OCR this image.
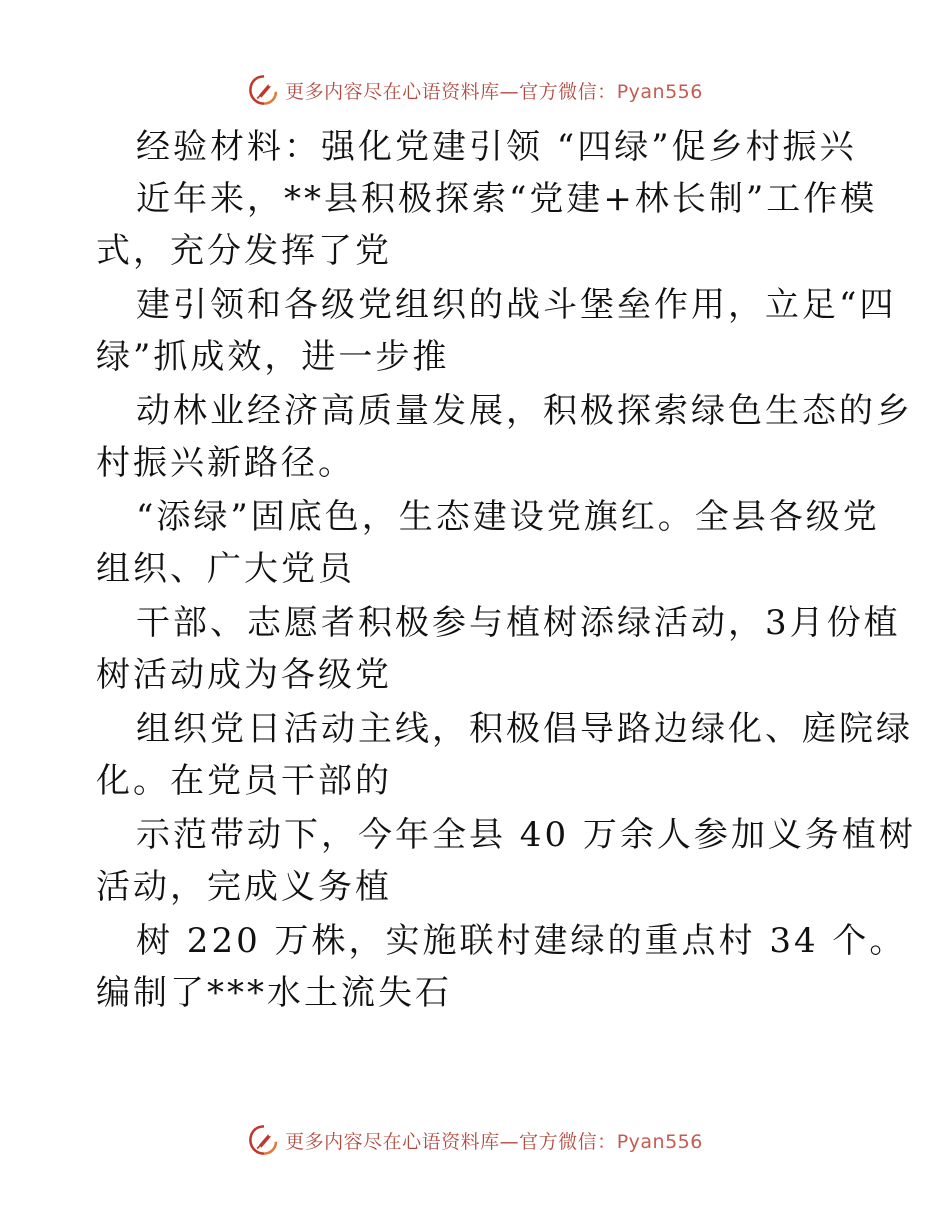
更多内容尽在心语资料库—官方微信：Pyan556
经验材料：强化党建引领 “四绿”促乡村振兴
近年来，**县积极探索“党建+林长制”工作模
式，充分发挥了党
建引领和各级党组织的战斗堡垒作用，立足“四
绿”抓成效，进一步推
动林业经济高质量发展，积极探索绿色生态的乡
村振兴新路径。
“添绿”固底色，生态建设党旗红。全县各级党
组织、广大党员
干部、志愿者积极参与植树添绿活动，3月份植
树活动成为各级党
组织党日活动主线，积极倡导路边绿化、庭院绿
化。在党员干部的
示范带动下，今年全县 40 万余人参加义务植树
活动，完成义务植
树 220 万株，实施联村建绿的重点村 34 个。
编制了***水土流失石
更多内容尽在心语资料库—官方微信：Pyan556
